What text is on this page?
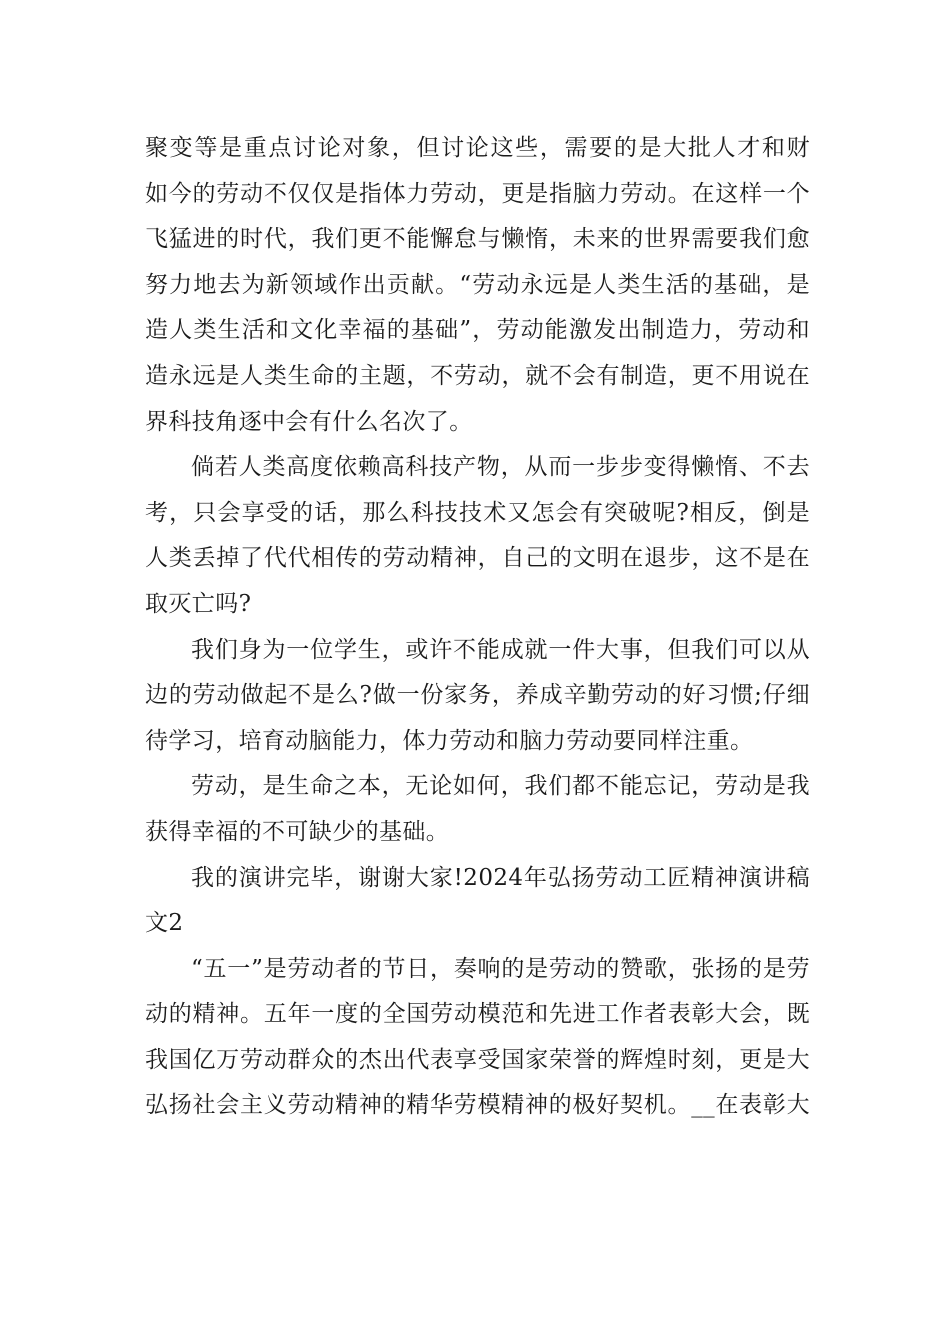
聚变等是重点讨论对象，但讨论这些，需要的是大批人才和财
如今的劳动不仅仅是指体力劳动，更是指脑力劳动。在这样一个
飞猛进的时代，我们更不能懈怠与懒惰，未来的世界需要我们愈
努力地去为新领域作出贡献。“劳动永远是人类生活的基础，是
造人类生活和文化幸福的基础”，劳动能激发出制造力，劳动和
造永远是人类生命的主题，不劳动，就不会有制造，更不用说在
界科技角逐中会有什么名次了。
倘若人类高度依赖高科技产物，从而一步步变得懒惰、不去
考，只会享受的话，那么科技技术又怎会有突破呢?相反，倒是
人类丢掉了代代相传的劳动精神，自己的文明在退步，这不是在
取灭亡吗?
我们身为一位学生，或许不能成就一件大事，但我们可以从
边的劳动做起不是么?做一份家务，养成辛勤劳动的好习惯;仔细
待学习，培育动脑能力，体力劳动和脑力劳动要同样注重。
劳动，是生命之本，无论如何，我们都不能忘记，劳动是我
获得幸福的不可缺少的基础。
我的演讲完毕，谢谢大家!2024年弘扬劳动工匠精神演讲稿
文2
“五一”是劳动者的节日，奏响的是劳动的赞歌，张扬的是劳
动的精神。五年一度的全国劳动模范和先进工作者表彰大会，既
我国亿万劳动群众的杰出代表享受国家荣誉的辉煌时刻，更是大
弘扬社会主义劳动精神的精华劳模精神的极好契机。__在表彰大
